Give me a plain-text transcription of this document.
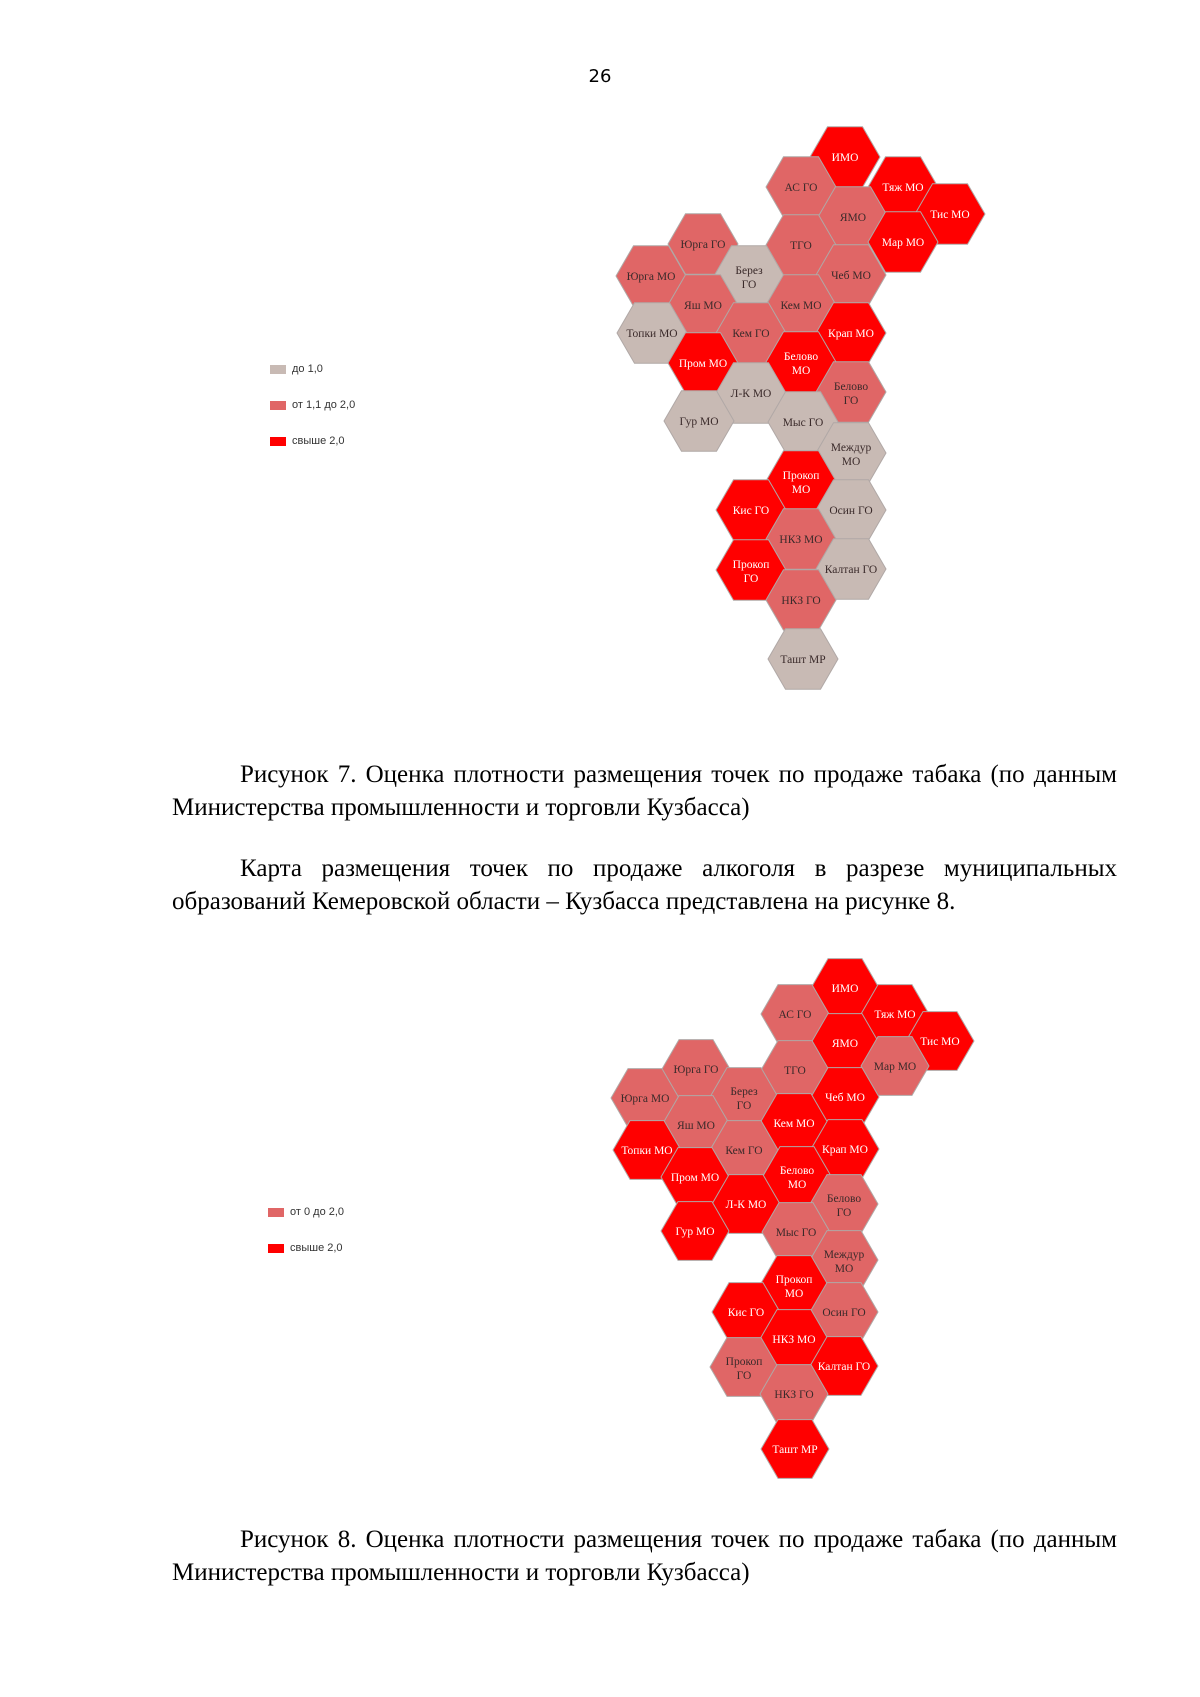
26
до 1,0
от 1,1 до 2,0
свыше 2,0
ИМО
АС ГО	Тяж МО
ЯМО	Тис МО
Мар МО
Юрга ГО	ТГО
Юрга МО	Берез ГО
Чеб МО
Яш МО	Кем МО
Топки МО	Кем ГО	Крап МО
Пром МО
Белово МО
Л-К МО
Белово ГО
Гур МО	Мыс ГО
Междур МО
Прокоп МО
Кис ГО	Осин ГО
НКЗ МО
Прокоп ГО
Калтан ГО
НКЗ ГО
Ташт МР

Рисунок 7. Оценка плотности размещения точек по продаже табака (по данным Министерства промышленности и торговли Кузбасса)

Карта размещения точек по продаже алкоголя в разрезе муниципальных образований Кемеровской области – Кузбасса представлена на рисунке 8.

от 0 до 2,0
свыше 2,0
ИМО
АС ГО	Тяж МО
ЯМО	Тис МО
Мар МО
Юрга ГО	ТГО
Юрга МО
Берез ГО
Чеб МО
Яш МО	Кем МО
Топки МО	Кем ГО	Крап МО
Пром МО
Белово МО
Л-К МО	Белово ГО
Гур МО	Мыс ГО
Междур МО
Прокоп МО
Кис ГО	Осин ГО
НКЗ МО
Прокоп ГО
Калтан ГО
НКЗ ГО
Ташт МР

Рисунок 8. Оценка плотности размещения точек по продаже табака (по данным Министерства промышленности и торговли Кузбасса)
